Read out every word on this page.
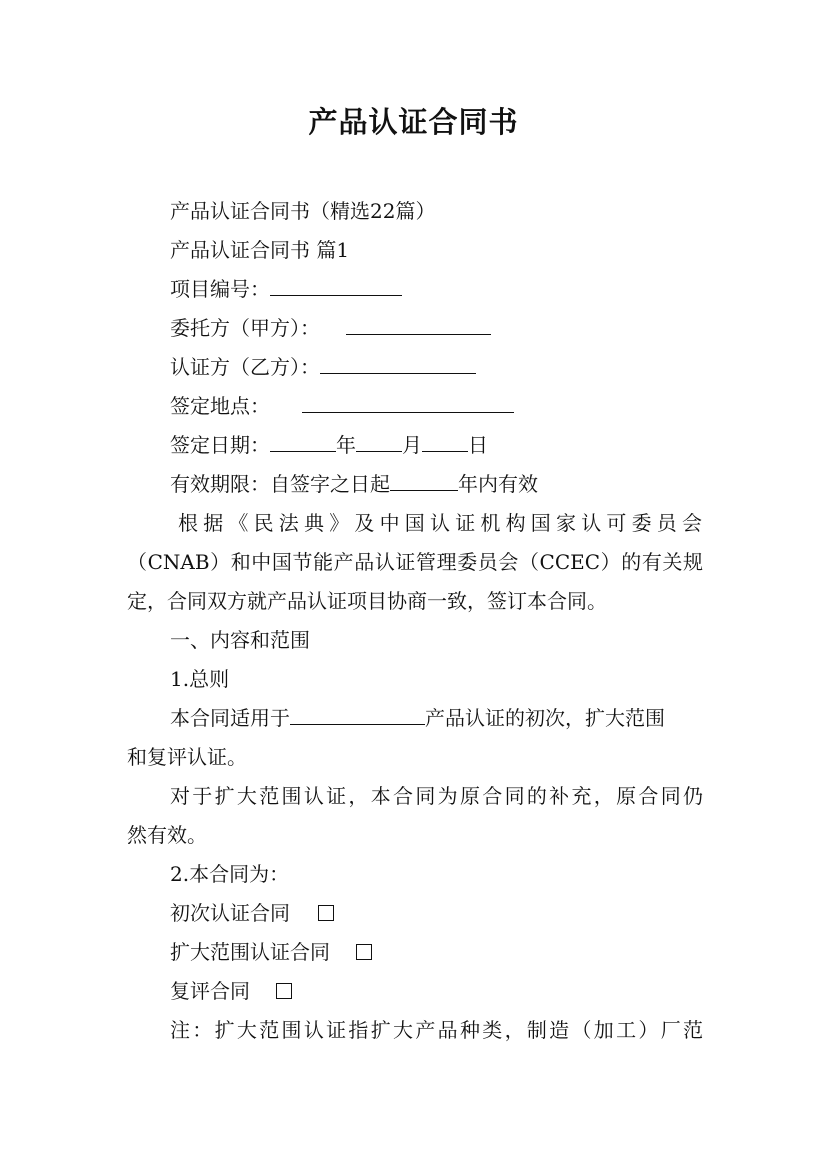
产品认证合同书
产品认证合同书（精选22篇）
产品认证合同书 篇1
项目编号：
委托方（甲方）：
认证方（乙方）：
签定地点：
签定日期：	年 月 日
有效期限：自签字之日起	年内有效
根据《民法典》及中国认证机构国家认可委员会
（CNAB）和中国节能产品认证管理委员会（CCEC）的有关规
定，合同双方就产品认证项目协商一致，签订本合同。
一、内容和范围
1.总则
本合同适用于	产品认证的初次，扩大范围
和复评认证。
对于扩大范围认证，本合同为原合同的补充，原合同仍
然有效。
2.本合同为：
初次认证合同
扩大范围认证合同
复评合同
注：扩大范围认证指扩大产品种类，制造（加工）厂范
